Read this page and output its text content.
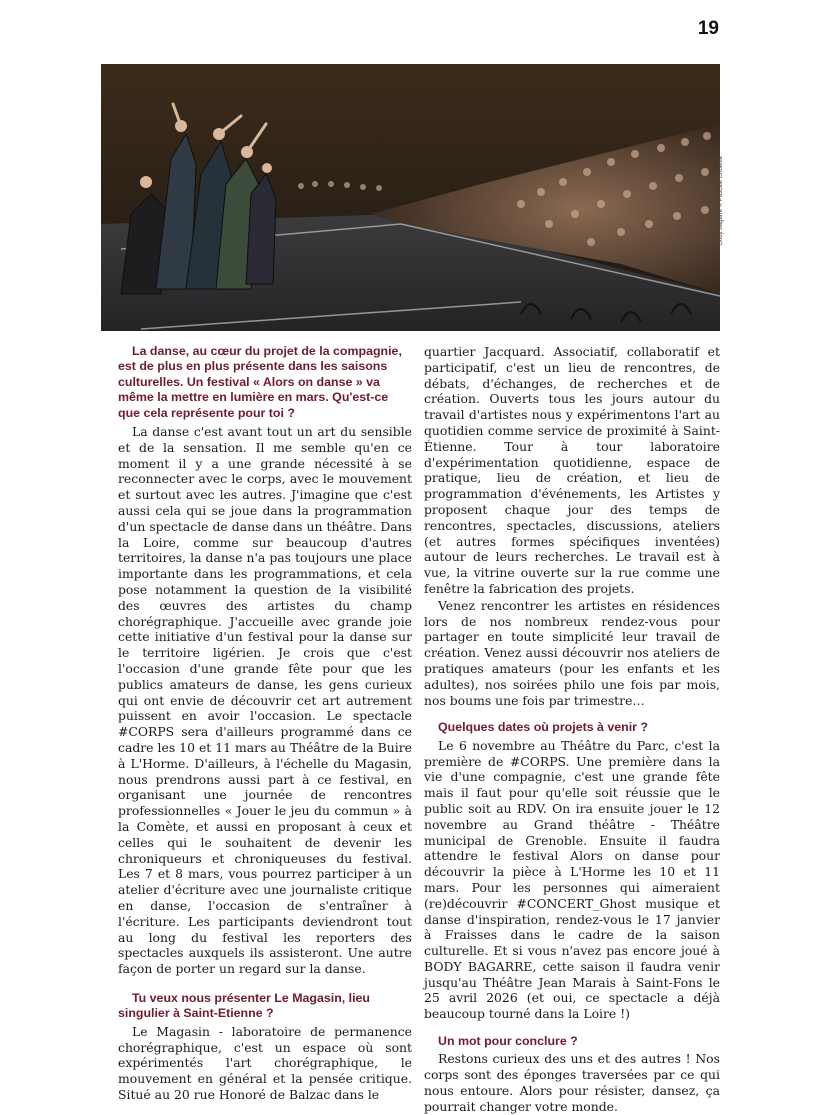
19
Body bagarre © Pascale Cholette

La danse, au cœur du projet de la compagnie, est de plus en plus présente dans les saisons culturelles. Un festival « Alors on danse » va même la mettre en lumière en mars. Qu'est-ce que cela représente pour toi ?

La danse c'est avant tout un art du sensible et de la sensation. Il me semble qu'en ce moment il y a une grande nécessité à se reconnecter avec le corps, avec le mouvement et surtout avec les autres. J'imagine que c'est aussi cela qui se joue dans la programmation d'un spectacle de danse dans un théâtre. Dans la Loire, comme sur beaucoup d'autres territoires, la danse n'a pas toujours une place importante dans les programmations, et cela pose notamment la question de la visibilité des œuvres des artistes du champ chorégraphique. J'accueille avec grande joie cette initiative d'un festival pour la danse sur le territoire ligérien. Je crois que c'est l'occasion d'une grande fête pour que les publics amateurs de danse, les gens curieux qui ont envie de découvrir cet art autrement puissent en avoir l'occasion. Le spectacle #CORPS sera d'ailleurs programmé dans ce cadre les 10 et 11 mars au Théâtre de la Buire à L'Horme. D'ailleurs, à l'échelle du Magasin, nous prendrons aussi part à ce festival, en organisant une journée de rencontres professionnelles « Jouer le jeu du commun » à la Comète, et aussi en proposant à ceux et celles qui le souhaitent de devenir les chroniqueurs et chroniqueuses du festival. Les 7 et 8 mars, vous pourrez participer à un atelier d'écriture avec une journaliste critique en danse, l'occasion de s'entraîner à l'écriture. Les participants deviendront tout au long du festival les reporters des spectacles auxquels ils assisteront. Une autre façon de porter un regard sur la danse.

Tu veux nous présenter Le Magasin, lieu singulier à Saint-Etienne ?

Le Magasin - laboratoire de permanence chorégraphique, c'est un espace où sont expérimentés l'art chorégraphique, le mouvement en général et la pensée critique. Situé au 20 rue Honoré de Balzac dans le

quartier Jacquard. Associatif, collaboratif et participatif, c'est un lieu de rencontres, de débats, d'échanges, de recherches et de création. Ouverts tous les jours autour du travail d'artistes nous y expérimentons l'art au quotidien comme service de proximité à Saint-Étienne. Tour à tour laboratoire d'expérimentation quotidienne, espace de pratique, lieu de création, et lieu de programmation d'événements, les Artistes y proposent chaque jour des temps de rencontres, spectacles, discussions, ateliers (et autres formes spécifiques inventées) autour de leurs recherches. Le travail est à vue, la vitrine ouverte sur la rue comme une fenêtre la fabrication des projets.

Venez rencontrer les artistes en résidences lors de nos nombreux rendez-vous pour partager en toute simplicité leur travail de création. Venez aussi découvrir nos ateliers de pratiques amateurs (pour les enfants et les adultes), nos soirées philo une fois par mois, nos boums une fois par trimestre…

Quelques dates où projets à venir ?

Le 6 novembre au Théâtre du Parc, c'est la première de #CORPS. Une première dans la vie d'une compagnie, c'est une grande fête mais il faut pour qu'elle soit réussie que le public soit au RDV. On ira ensuite jouer le 12 novembre au Grand théâtre - Théâtre municipal de Grenoble. Ensuite il faudra attendre le festival Alors on danse pour découvrir la pièce à L'Horme les 10 et 11 mars. Pour les personnes qui aimeraient (re)découvrir #CONCERT_Ghost musique et danse d'inspiration, rendez-vous le 17 janvier à Fraisses dans le cadre de la saison culturelle. Et si vous n'avez pas encore joué à BODY BAGARRE, cette saison il faudra venir jusqu'au Théâtre Jean Marais à Saint-Fons le 25 avril 2026 (et oui, ce spectacle a déjà beaucoup tourné dans la Loire !)

Un mot pour conclure ?

Restons curieux des uns et des autres ! Nos corps sont des éponges traversées par ce qui nous entoure. Alors pour résister, dansez, ça pourrait changer votre monde.
